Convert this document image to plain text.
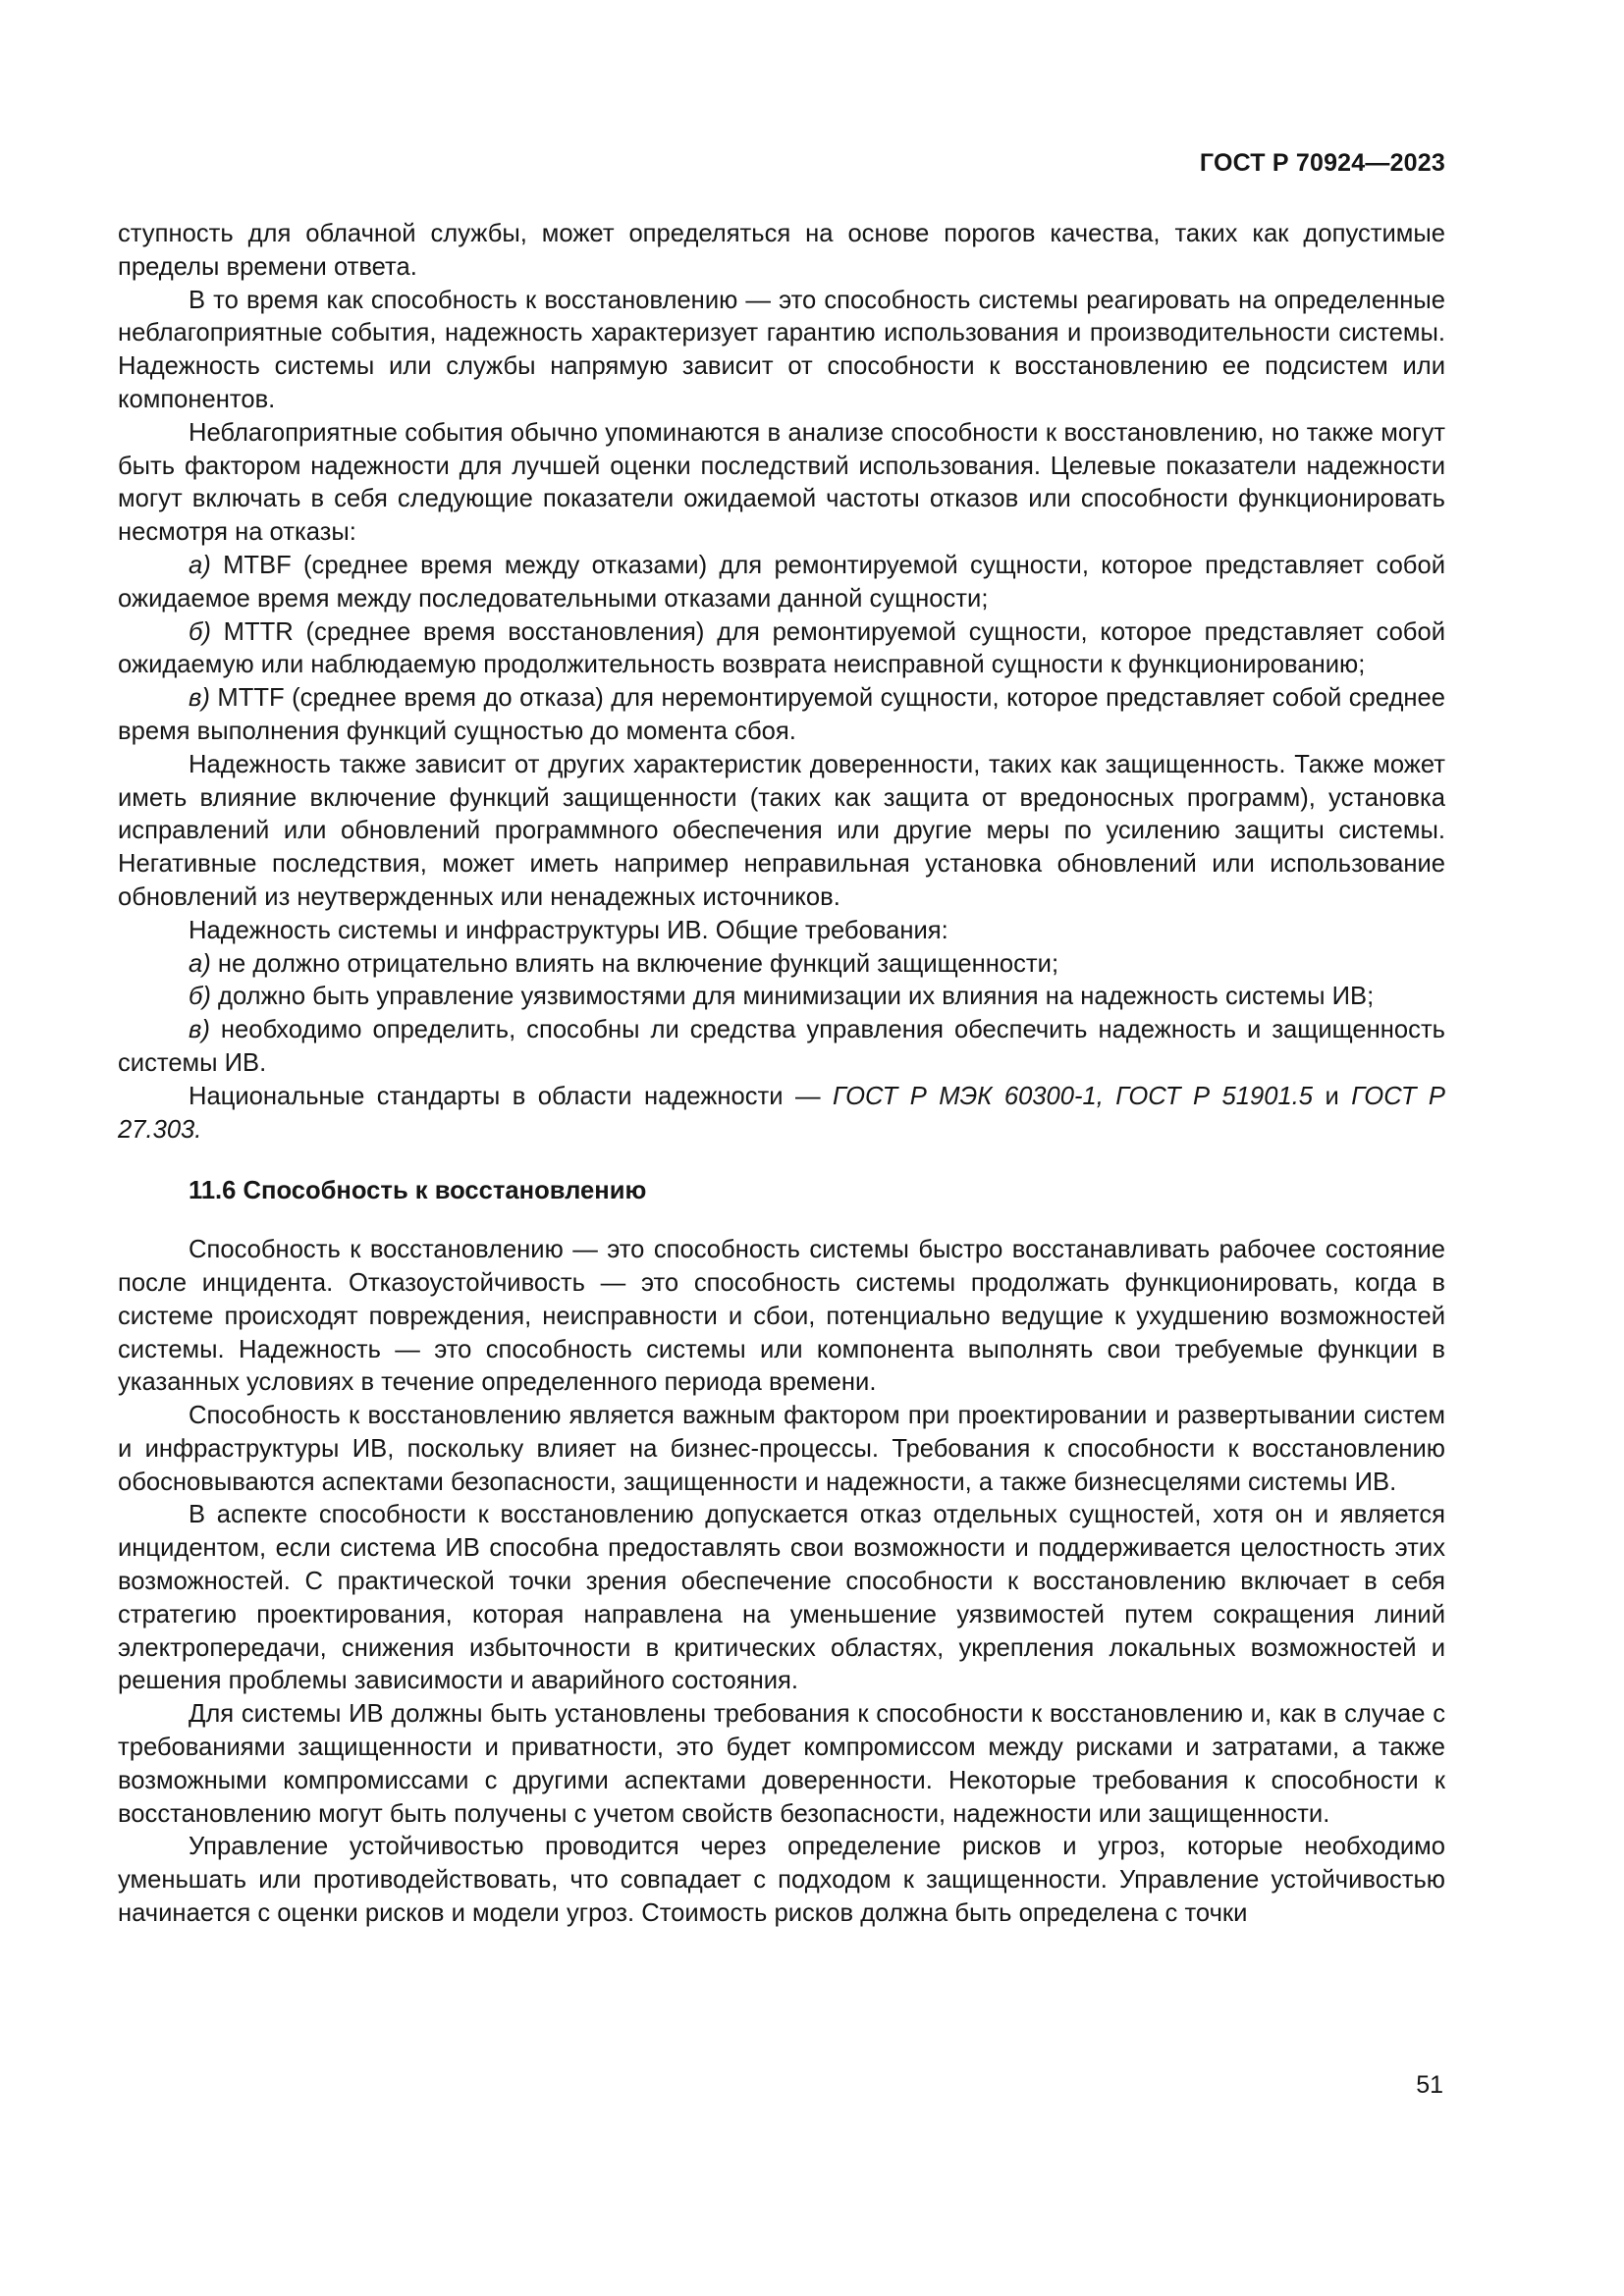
ГОСТ Р 70924—2023

ступность для облачной службы, может определяться на основе порогов качества, таких как допустимые пределы времени ответа.

В то время как способность к восстановлению — это способность системы реагировать на определенные неблагоприятные события, надежность характеризует гарантию использования и производительности системы. Надежность системы или службы напрямую зависит от способности к восстановлению ее подсистем или компонентов.

Неблагоприятные события обычно упоминаются в анализе способности к восстановлению, но также могут быть фактором надежности для лучшей оценки последствий использования. Целевые показатели надежности могут включать в себя следующие показатели ожидаемой частоты отказов или способности функционировать несмотря на отказы:

а) MTBF (среднее время между отказами) для ремонтируемой сущности, которое представляет собой ожидаемое время между последовательными отказами данной сущности;

б) MTTR (среднее время восстановления) для ремонтируемой сущности, которое представляет собой ожидаемую или наблюдаемую продолжительность возврата неисправной сущности к функционированию;

в) MTTF (среднее время до отказа) для неремонтируемой сущности, которое представляет собой среднее время выполнения функций сущностью до момента сбоя.

Надежность также зависит от других характеристик доверенности, таких как защищенность. Также может иметь влияние включение функций защищенности (таких как защита от вредоносных программ), установка исправлений или обновлений программного обеспечения или другие меры по усилению защиты системы. Негативные последствия, может иметь например неправильная установка обновлений или использование обновлений из неутвержденных или ненадежных источников.

Надежность системы и инфраструктуры ИВ. Общие требования:

а) не должно отрицательно влиять на включение функций защищенности;

б) должно быть управление уязвимостями для минимизации их влияния на надежность системы ИВ;

в) необходимо определить, способны ли средства управления обеспечить надежность и защищенность системы ИВ.

Национальные стандарты в области надежности — ГОСТ Р МЭК 60300-1, ГОСТ Р 51901.5 и ГОСТ Р 27.303.

11.6 Способность к восстановлению

Способность к восстановлению — это способность системы быстро восстанавливать рабочее состояние после инцидента. Отказоустойчивость — это способность системы продолжать функционировать, когда в системе происходят повреждения, неисправности и сбои, потенциально ведущие к ухудшению возможностей системы. Надежность — это способность системы или компонента выполнять свои требуемые функции в указанных условиях в течение определенного периода времени.

Способность к восстановлению является важным фактором при проектировании и развертывании систем и инфраструктуры ИВ, поскольку влияет на бизнес-процессы. Требования к способности к восстановлению обосновываются аспектами безопасности, защищенности и надежности, а также бизнесцелями системы ИВ.

В аспекте способности к восстановлению допускается отказ отдельных сущностей, хотя он и является инцидентом, если система ИВ способна предоставлять свои возможности и поддерживается целостность этих возможностей. С практической точки зрения обеспечение способности к восстановлению включает в себя стратегию проектирования, которая направлена на уменьшение уязвимостей путем сокращения линий электропередачи, снижения избыточности в критических областях, укрепления локальных возможностей и решения проблемы зависимости и аварийного состояния.

Для системы ИВ должны быть установлены требования к способности к восстановлению и, как в случае с требованиями защищенности и приватности, это будет компромиссом между рисками и затратами, а также возможными компромиссами с другими аспектами доверенности. Некоторые требования к способности к восстановлению могут быть получены с учетом свойств безопасности, надежности или защищенности.

Управление устойчивостью проводится через определение рисков и угроз, которые необходимо уменьшать или противодействовать, что совпадает с подходом к защищенности. Управление устойчивостью начинается с оценки рисков и модели угроз. Стоимость рисков должна быть определена с точки

51
